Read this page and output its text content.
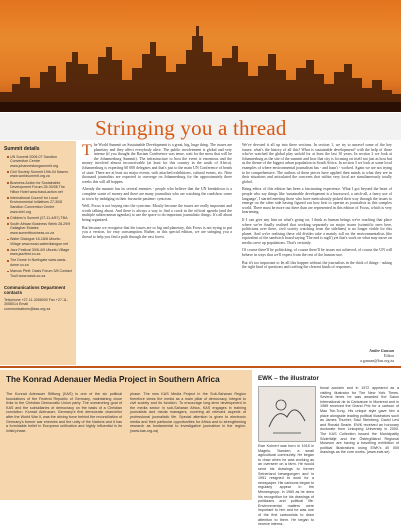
Stringing you a thread
Summit details
UN Summit 2006-07 Sandton Convention Centre www.johannesburgsummit.org
Civil Society Summit 19th-04 Nasrec www.worldsummit.org.za
Business Action for Sustainable Development Forum 28-30/08 The Hilton Hotel www.basd-action.net
International Council for Local Environmental Initiatives 27-30/8 Sandton Convention Centre www.iclei.org
Children's Summit (07-11-4/8?) TBA
South African Business Week 28-29/9 Gallagher Estates www.summitbusiness.co.za
Water Dialogue 16-18/8 Ubuntu Village www.wssd-waterdialogue.net
Jazz Festival 30/8-4/9 Ubuntu Village www.jazzfest.co.za
The Dome in Northgate www.oasis-dome.co.za
Marcus Plett: Oasis Forum 3/8 Contact Tuuli www.oasis.co.za
Communications Department contacts
Telephone +27-11-3056000 Fax +27-11-3056014 Email communications@kas.org.za

The World Summit on Sustainable Development is a great, big, huge thing. The issues are planetary and they affect everybody alive. The public involvement is global and very intense (if you thought the Racism Conference was tense, wait for the mess that will be the Johannesburg Summit). The infrastructure to host the event is enormous and the money involved almost inconceivable (at least for this country in the south of Africa). Johannesburg is expecting 60 000 delegates and that's just to the main UN Conference of heads of state. There are at least six major events, with attached exhibitions, cultural events, etc. Nine thousand journalists are expected to converge on Johannesburg for the approximately three weeks this will all happen.

Already the summit has its several enemies - people who believe that the UN breakdown is a complete waste of money and there are many journalists who are watching the roadshow come to town by indulging in their favourite pastime: cynicism.

Well, Focus is not buying into the cynicism. Mostly because the issues are really important and worth talking about. And there is always a way to find a crack in the official agenda (and the multiple subterranean agendas) to use the space to do important journalistic things. It's all about being organized.

But because we recognise that the issues are so big and planetary, this Focus is not trying to put you a version, for easy consumption. Rather, in this special edition, we are stringing you a thread to help you find a path through the vast forest.

We've devoted it all up into three sections. In section 1, we try to unravel some of the key issues: what's the history of all this? What is sustainable development? with the help of those who've watched the global play unfold for at least the last 10 years. In section 2 we look at Johannesburg as the site of the summit and how that city is focusing on itself not just as host but as the theme of the biggest urban population in South Africa. In section 3 we look at some local examples of where environmental journalism has - and hasn't - worked. Again we are not trying to be comprehensive. The authors of these pieces have applied their minds to what they see in their situations and articulated the concerns that within very local are simultaneously totally global.

Being editor of this edition has been a fascinating experience. What I got beyond the heart of people who say things like 'sustainable development is a buzzword, a catch-all, a fancy use of language', I started meeting those who have meticulously picked their way through the issues to emerge on the other side having figured out how best to operate as journalists in this complex world. There must be more out there than are represented in this edition of Focus, which is very heartening.

If I can give any hint on what's going on, I think as human beings we're reaching that place where we've finally realised that working separately on major issues (scientific ones here, politicians over there, civil society watching from the sidelines) is no longer viable for this planet. And we're realising these old divides take a mainly toll on the environmentalists (the equivalent of the sandwich board saying 'The end is nigh') yet that's work on what may move on media carve up populations. That's certainly.

Of course there'll be politicking, of course there'll be issues not achieved, of course the UN will behave in ways that we'll expect from the rest of the human race.

But it's too important to let all this happen without the journalists in the thick of things - asking the right kind of questions and crafting the clearest kinds of responses.

Antlee Gunsan
Editor
a.gunsan@kas.org.za
The Konrad Adenauer Media Project in Southern Africa
The Konrad Adenauer Stiftung (KAS) is one of the six political foundations of the Federal Republic of Germany, maintaining close links to the Christian Democratic Union party. The overarching goal of KAS and the subsidiaries of democracy on the basis of a Christian conviction. Konrad Adenauer, Germany's first democratic chancellor after the World War II, was the driving force behind the reconciliation of Germany's former war enemies and the unity of the Nations and it has a formidable belief in European unification and highly influential in its initial phase.
phase. The new KAS Media Project in the Sub-Saharan Region therefore views the media as a main pillar of democracy, integral to civil society and its function. To encourage long-term development in the media sector in sub-Saharan Africa, KAS engages in training journalists and media managers, covering all relevant aspects of professional journalistic life. Special attention is given to electronic media and their particular opportunities for Africa and to strengthening research as fundamental to investigative journalism in the region. (www.kas.org.za)
EWK – the illustrator
Ewe Kohrert was born in 1918 in Magelo, Sweden, a small agricultural community. He began to draw when he was working as an overseer on a farm. He would send his drawings to former Seinerland bewegungen and in 1951 resigned to work for a newspaper. His cartoons began to regularly appear in the Minnesgrupp. In 1960 as he drew his recognition for his drawings of politicians and political life. Environmental matters were important to him and he was one of the first cartoonists to draw attention to them. He began to receive interna-
tional acclaim and in 1972 appeared as a visiting illustrator for The New York Times. Several times he was awarded the Salon International de la Caricature in Montreal and in 1989 received the Grand Prix for a cartoon of Mao Tse-Tung. His unique style gave him a place alongside leading political illustrators such as James Thurber, Saul Steinberg, David Levi and Ronald Searle. EWK received an honorary doctorate from Linkoping University in 2000. The KAS Collection issued the Municipality Södertälje and the Östergötland Regional Museum are having a travelling exhibition of political illustrations using EWK's 40 000 drawings as the core works. (www.ewk.se)
